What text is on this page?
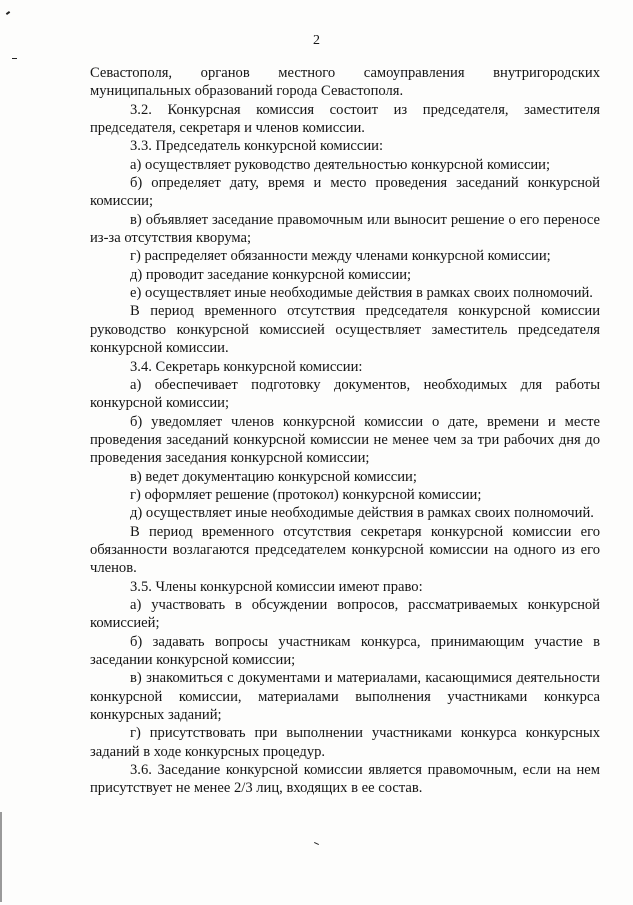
2

Севастополя, органов местного самоуправления внутригородских муниципальных образований города Севастополя.

3.2. Конкурсная комиссия состоит из председателя, заместителя председателя, секретаря и членов комиссии.

3.3. Председатель конкурсной комиссии:

а) осуществляет руководство деятельностью конкурсной комиссии;

б) определяет дату, время и место проведения заседаний конкурсной комиссии;

в) объявляет заседание правомочным или выносит решение о его переносе из-за отсутствия кворума;

г) распределяет обязанности между членами конкурсной комиссии;

д) проводит заседание конкурсной комиссии;

е) осуществляет иные необходимые действия в рамках своих полномочий.

В период временного отсутствия председателя конкурсной комиссии руководство конкурсной комиссией осуществляет заместитель председателя конкурсной комиссии.

3.4. Секретарь конкурсной комиссии:

а) обеспечивает подготовку документов, необходимых для работы конкурсной комиссии;

б) уведомляет членов конкурсной комиссии о дате, времени и месте проведения заседаний конкурсной комиссии не менее чем за три рабочих дня до проведения заседания конкурсной комиссии;

в) ведет документацию конкурсной комиссии;

г) оформляет решение (протокол) конкурсной комиссии;

д) осуществляет иные необходимые действия в рамках своих полномочий.

В период временного отсутствия секретаря конкурсной комиссии его обязанности возлагаются председателем конкурсной комиссии на одного из его членов.

3.5. Члены конкурсной комиссии имеют право:

а) участвовать в обсуждении вопросов, рассматриваемых конкурсной комиссией;

б) задавать вопросы участникам конкурса, принимающим участие в заседании конкурсной комиссии;

в) знакомиться с документами и материалами, касающимися деятельности конкурсной комиссии, материалами выполнения участниками конкурса конкурсных заданий;

г) присутствовать при выполнении участниками конкурса конкурсных заданий в ходе конкурсных процедур.

3.6. Заседание конкурсной комиссии является правомочным, если на нем присутствует не менее 2/3 лиц, входящих в ее состав.
